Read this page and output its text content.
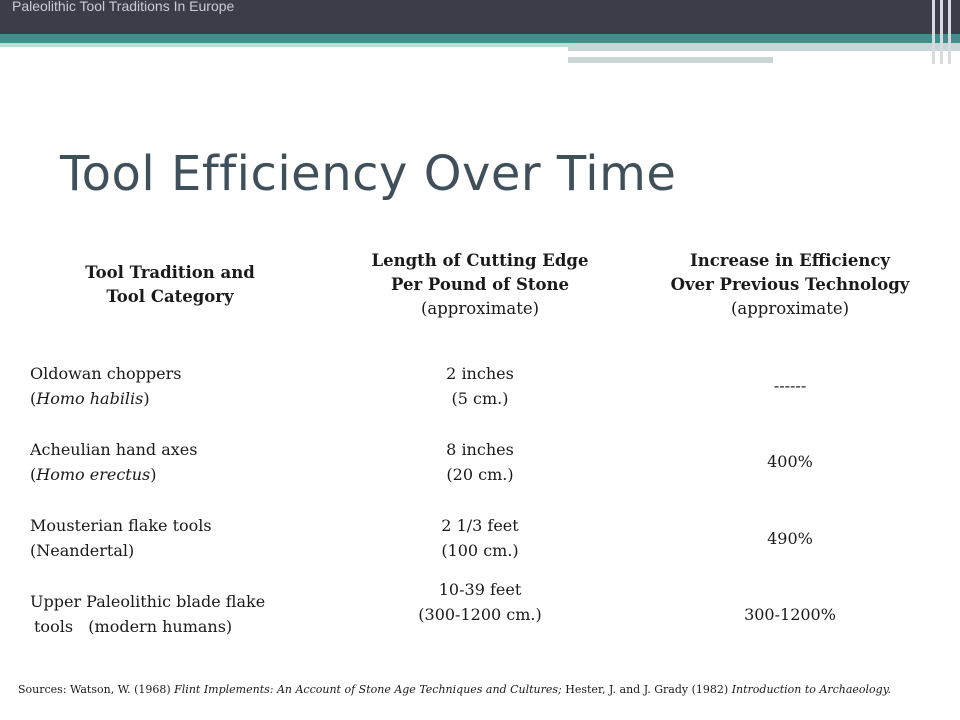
Paleolithic Tool Traditions In Europe
Tool Efficiency Over Time
Tool Tradition and
Tool Category
Length of Cutting Edge
Per Pound of Stone
(approximate)
Increase in Efficiency
Over Previous Technology
(approximate)
Oldowan choppers
(Homo habilis)
2 inches
(5 cm.)
------
Acheulian hand axes
(Homo erectus)
8 inches
(20 cm.)
400%
Mousterian flake tools
(Neandertal)
2 1/3 feet
(100 cm.)
490%
Upper Paleolithic blade flake
tools   (modern humans)
10-39 feet
(300-1200 cm.)	300-1200%
Sources: Watson, W. (1968) Flint Implements: An Account of Stone Age Techniques and Cultures; Hester, J. and J. Grady (1982) Introduction to Archaeology.
